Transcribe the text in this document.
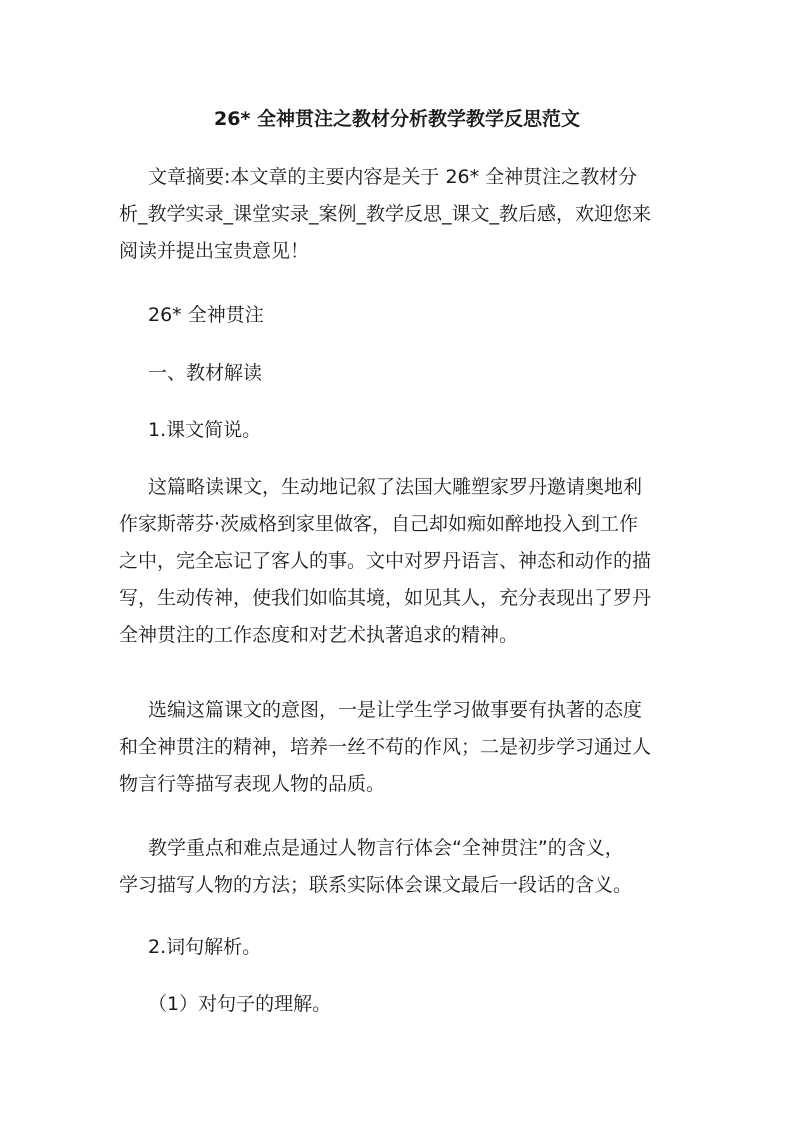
26* 全神贯注之教材分析教学教学反思范文

文章摘要:本文章的主要内容是关于 26* 全神贯注之教材分
析_教学实录_课堂实录_案例_教学反思_课文_教后感，欢迎您来
阅读并提出宝贵意见！

26* 全神贯注

一、教材解读

1.课文简说。

这篇略读课文，生动地记叙了法国大雕塑家罗丹邀请奥地利
作家斯蒂芬·茨威格到家里做客，自己却如痴如醉地投入到工作
之中，完全忘记了客人的事。文中对罗丹语言、神态和动作的描
写，生动传神，使我们如临其境，如见其人，充分表现出了罗丹
全神贯注的工作态度和对艺术执著追求的精神。

选编这篇课文的意图，一是让学生学习做事要有执著的态度
和全神贯注的精神，培养一丝不苟的作风；二是初步学习通过人
物言行等描写表现人物的品质。

教学重点和难点是通过人物言行体会“全神贯注”的含义，
学习描写人物的方法；联系实际体会课文最后一段话的含义。

2.词句解析。

（1）对句子的理解。
